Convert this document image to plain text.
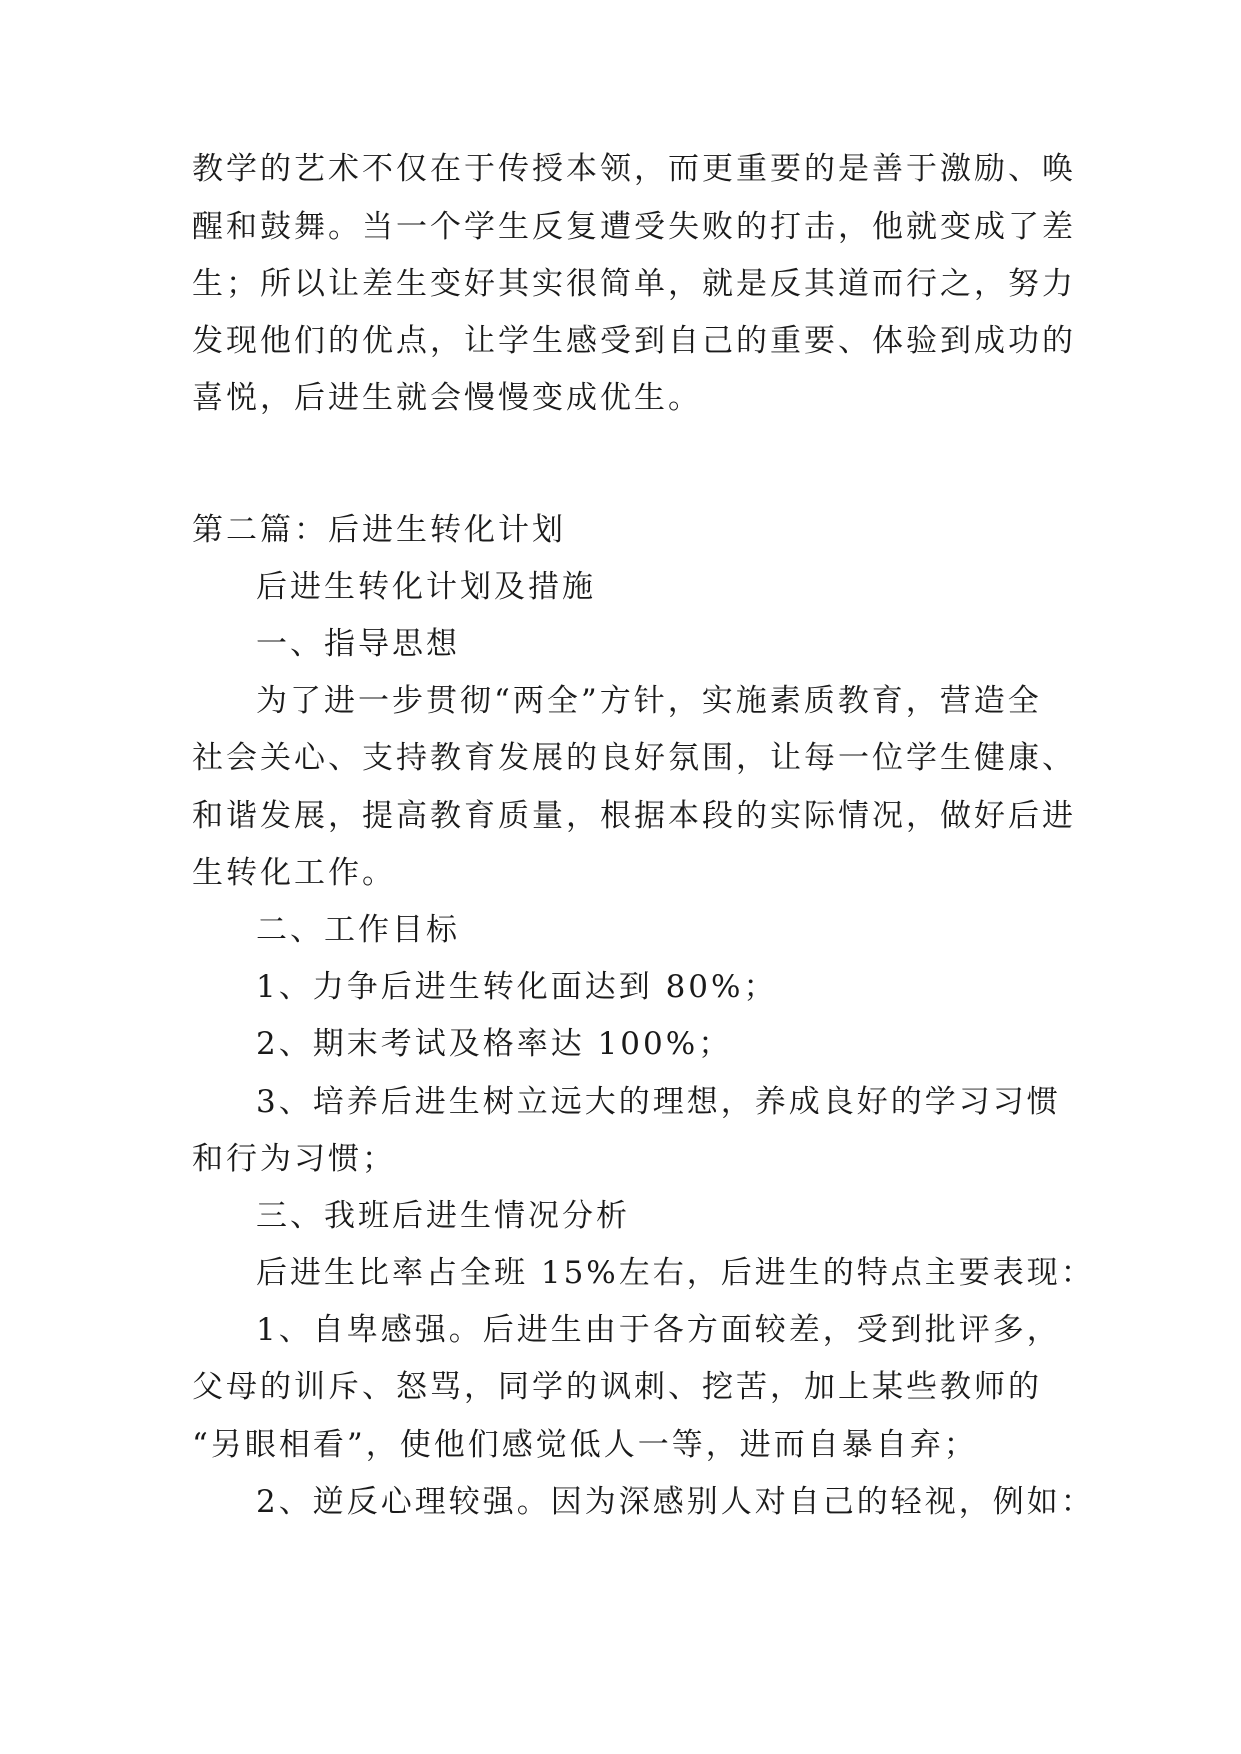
教学的艺术不仅在于传授本领，而更重要的是善于激励、唤

醒和鼓舞。当一个学生反复遭受失败的打击，他就变成了差

生；所以让差生变好其实很简单，就是反其道而行之，努力

发现他们的优点，让学生感受到自己的重要、体验到成功的

喜悦，后进生就会慢慢变成优生。

第二篇：后进生转化计划

后进生转化计划及措施

一、指导思想

为了进一步贯彻“两全”方针，实施素质教育，营造全

社会关心、支持教育发展的良好氛围，让每一位学生健康、

和谐发展，提高教育质量，根据本段的实际情况，做好后进

生转化工作。

二、工作目标

1、力争后进生转化面达到 80%；

2、期末考试及格率达 100%；

3、培养后进生树立远大的理想，养成良好的学习习惯

和行为习惯；

三、我班后进生情况分析

后进生比率占全班 15%左右，后进生的特点主要表现：

1、自卑感强。后进生由于各方面较差，受到批评多，

父母的训斥、怒骂，同学的讽刺、挖苦，加上某些教师的

“另眼相看”，使他们感觉低人一等，进而自暴自弃；

2、逆反心理较强。因为深感别人对自己的轻视，例如：
